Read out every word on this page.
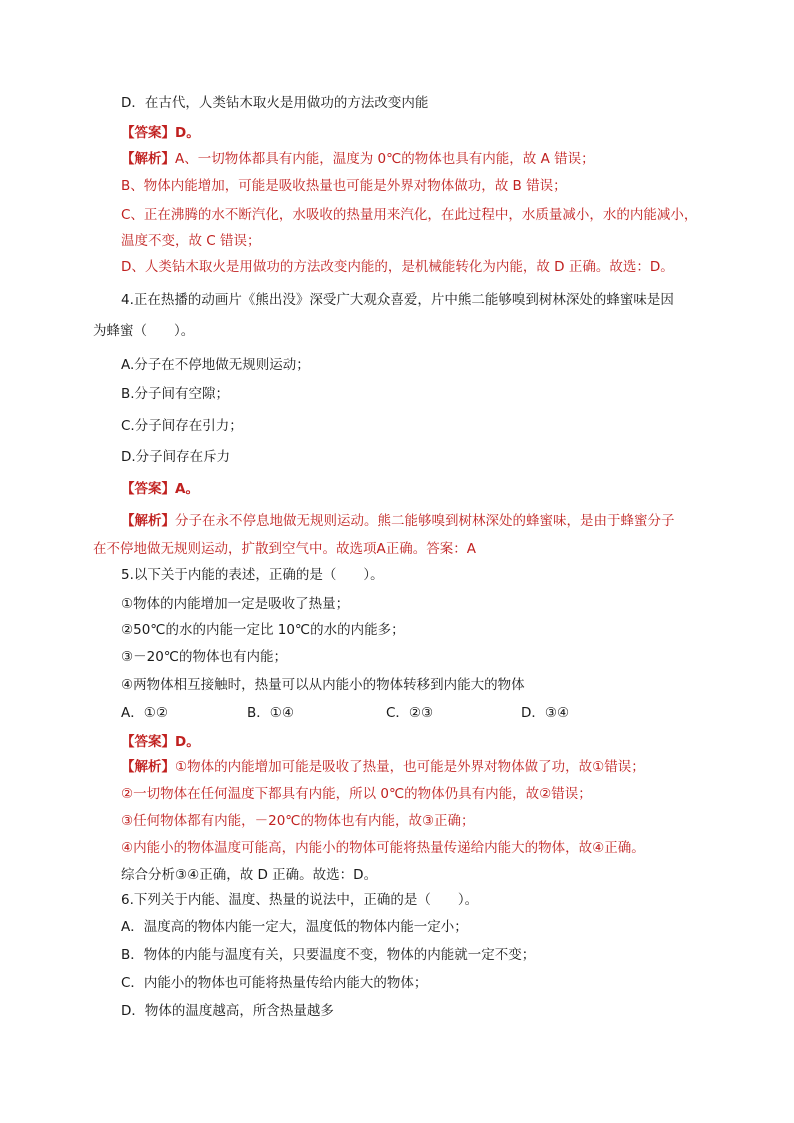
D．在古代，人类钻木取火是用做功的方法改变内能
【答案】D。
【解析】A、一切物体都具有内能，温度为 0℃的物体也具有内能，故 A 错误；
B、物体内能增加，可能是吸收热量也可能是外界对物体做功，故 B 错误；
C、正在沸腾的水不断汽化，水吸收的热量用来汽化，在此过程中，水质量减小，水的内能减小，
温度不变，故 C 错误；
D、人类钻木取火是用做功的方法改变内能的，是机械能转化为内能，故 D 正确。故选：D。
4.正在热播的动画片《熊出没》深受广大观众喜爱，片中熊二能够嗅到树林深处的蜂蜜味是因
为蜂蜜（　　）。
A.分子在不停地做无规则运动；
B.分子间有空隙；
C.分子间存在引力；
D.分子间存在斥力
【答案】A。
【解析】分子在永不停息地做无规则运动。熊二能够嗅到树林深处的蜂蜜味，是由于蜂蜜分子
在不停地做无规则运动，扩散到空气中。故选项A正确。答案：A
5.以下关于内能的表述，正确的是（　　）。
①物体的内能增加一定是吸收了热量；
②50℃的水的内能一定比 10℃的水的内能多；
③－20℃的物体也有内能；
④两物体相互接触时，热量可以从内能小的物体转移到内能大的物体
A．①②	B．①④	C．②③	D．③④
【答案】D。
【解析】①物体的内能增加可能是吸收了热量，也可能是外界对物体做了功，故①错误；
②一切物体在任何温度下都具有内能，所以 0℃的物体仍具有内能，故②错误；
③任何物体都有内能，－20℃的物体也有内能，故③正确；
④内能小的物体温度可能高，内能小的物体可能将热量传递给内能大的物体，故④正确。
综合分析③④正确，故 D 正确。故选：D。
6.下列关于内能、温度、热量的说法中，正确的是（　　）。
A．温度高的物体内能一定大，温度低的物体内能一定小；
B．物体的内能与温度有关，只要温度不变，物体的内能就一定不变；
C．内能小的物体也可能将热量传给内能大的物体；
D．物体的温度越高，所含热量越多
